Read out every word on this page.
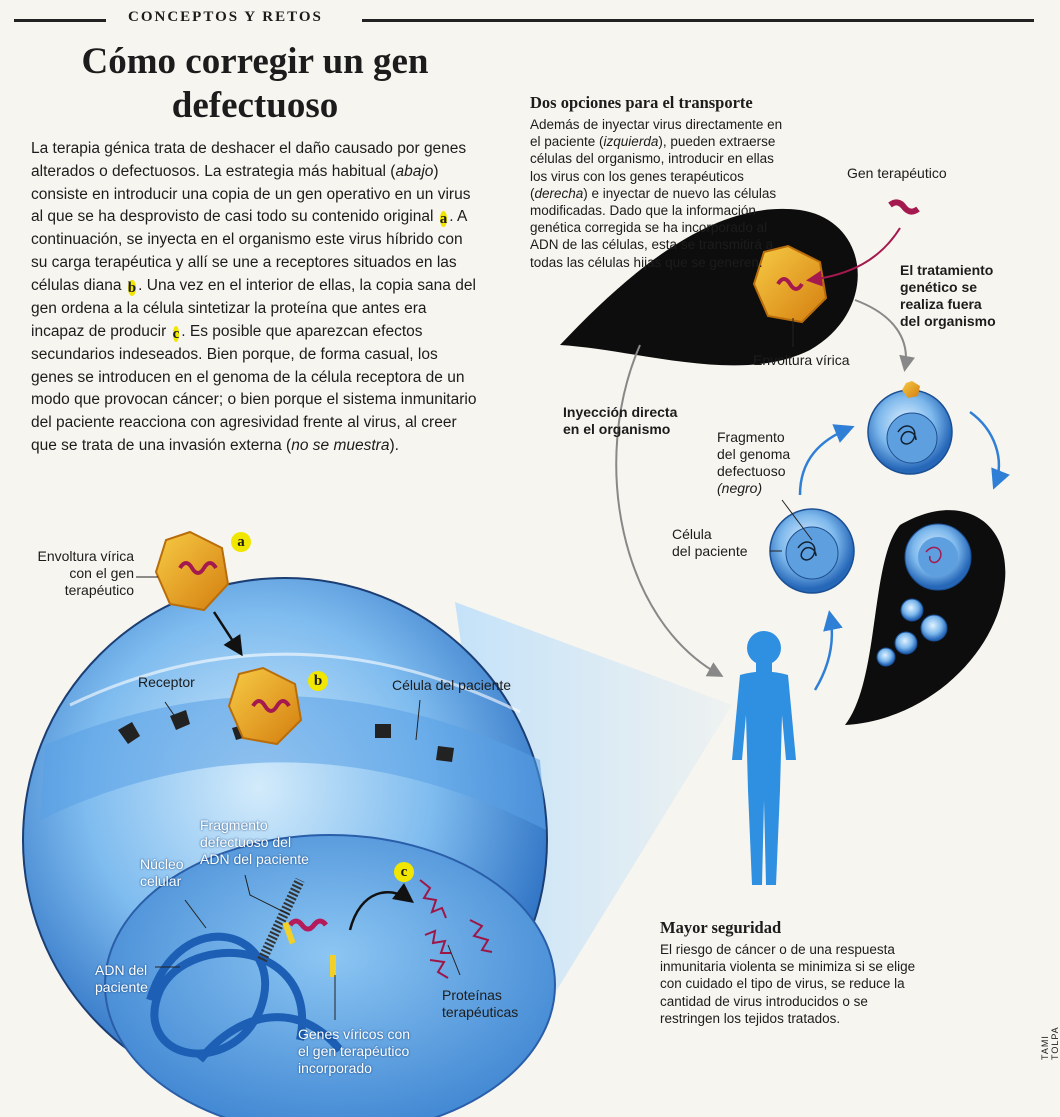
CONCEPTOS Y RETOS
Cómo corregir un gen
defectuoso
La terapia génica trata de deshacer el daño causado por genes alterados o defectuosos. La estrategia más habitual (abajo) consiste en introducir una copia de un gen operativo en un virus al que se ha desprovisto de casi todo su contenido original a . A continuación, se inyecta en el organismo este virus híbrido con su carga terapéutica y allí se une a receptores situados en las células diana b . Una vez en el interior de ellas, la copia sana del gen ordena a la célula sintetizar la proteína que antes era incapaz de producir c . Es posible que aparezcan efectos secundarios indeseados. Bien porque, de forma casual, los genes se introducen en el genoma de la célula receptora de un modo que provocan cáncer; o bien porque el sistema inmunitario del paciente reacciona con agresividad frente al virus, al creer que se trata de una invasión externa (no se muestra).
a
b
c
Envoltura vírica
con el gen
terapéutico
Receptor	Célula del paciente
Núcleo
celular
Fragmento
defectuoso del
ADN del paciente
ADN del
paciente
Genes víricos con
el gen terapéutico
incorporado
Proteínas
terapéuticas
Dos opciones para el transporte
Además de inyectar virus directamente en el paciente (izquierda), pueden extraerse células del organismo, introducir en ellas los virus con los genes terapéuticos (derecha) e inyectar de nuevo las células modificadas. Dado que la información genética corregida se ha incorporado al ADN de las células, esta se transmitirá a todas las células hijas que se generen.
Gen terapéutico
El tratamiento
genético se
realiza fuera
del organismo
Envoltura vírica
Inyección directa
en el organismo	Fragmento
del genoma
defectuoso
(negro)
Célula
del paciente
Mayor seguridad
El riesgo de cáncer o de una respuesta inmunitaria violenta se minimiza si se elige con cuidado el tipo de virus, se reduce la cantidad de virus introducidos o se restringen los tejidos tratados.
TAMI TOLPA
